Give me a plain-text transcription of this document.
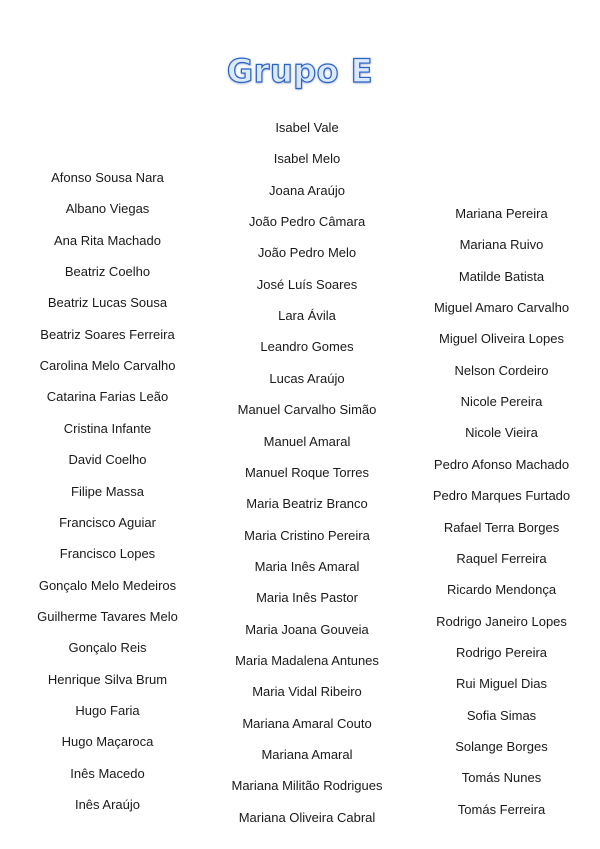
Grupo E
Afonso Sousa Nara
Albano Viegas
Ana Rita Machado
Beatriz Coelho
Beatriz Lucas Sousa
Beatriz Soares Ferreira
Carolina Melo Carvalho
Catarina Farias Leão
Cristina Infante
David Coelho
Filipe Massa
Francisco Aguiar
Francisco Lopes
Gonçalo Melo Medeiros
Guilherme Tavares Melo
Gonçalo Reis
Henrique Silva Brum
Hugo Faria
Hugo Maçaroca
Inês Macedo
Inês Araújo
Isabel Vale
Isabel Melo
Joana Araújo
João Pedro Câmara
João Pedro Melo
José Luís Soares
Lara Ávila
Leandro Gomes
Lucas Araújo
Manuel Carvalho Simão
Manuel Amaral
Manuel Roque Torres
Maria Beatriz Branco
Maria Cristino Pereira
Maria Inês Amaral
Maria Inês Pastor
Maria Joana Gouveia
Maria Madalena Antunes
Maria Vidal Ribeiro
Mariana Amaral Couto
Mariana Amaral
Mariana Militão Rodrigues
Mariana Oliveira Cabral
Mariana Pereira
Mariana Ruivo
Matilde Batista
Miguel Amaro Carvalho
Miguel Oliveira Lopes
Nelson Cordeiro
Nicole Pereira
Nicole Vieira
Pedro Afonso Machado
Pedro Marques Furtado
Rafael Terra Borges
Raquel Ferreira
Ricardo Mendonça
Rodrigo Janeiro Lopes
Rodrigo Pereira
Rui Miguel Dias
Sofia Simas
Solange Borges
Tomás Nunes
Tomás Ferreira
